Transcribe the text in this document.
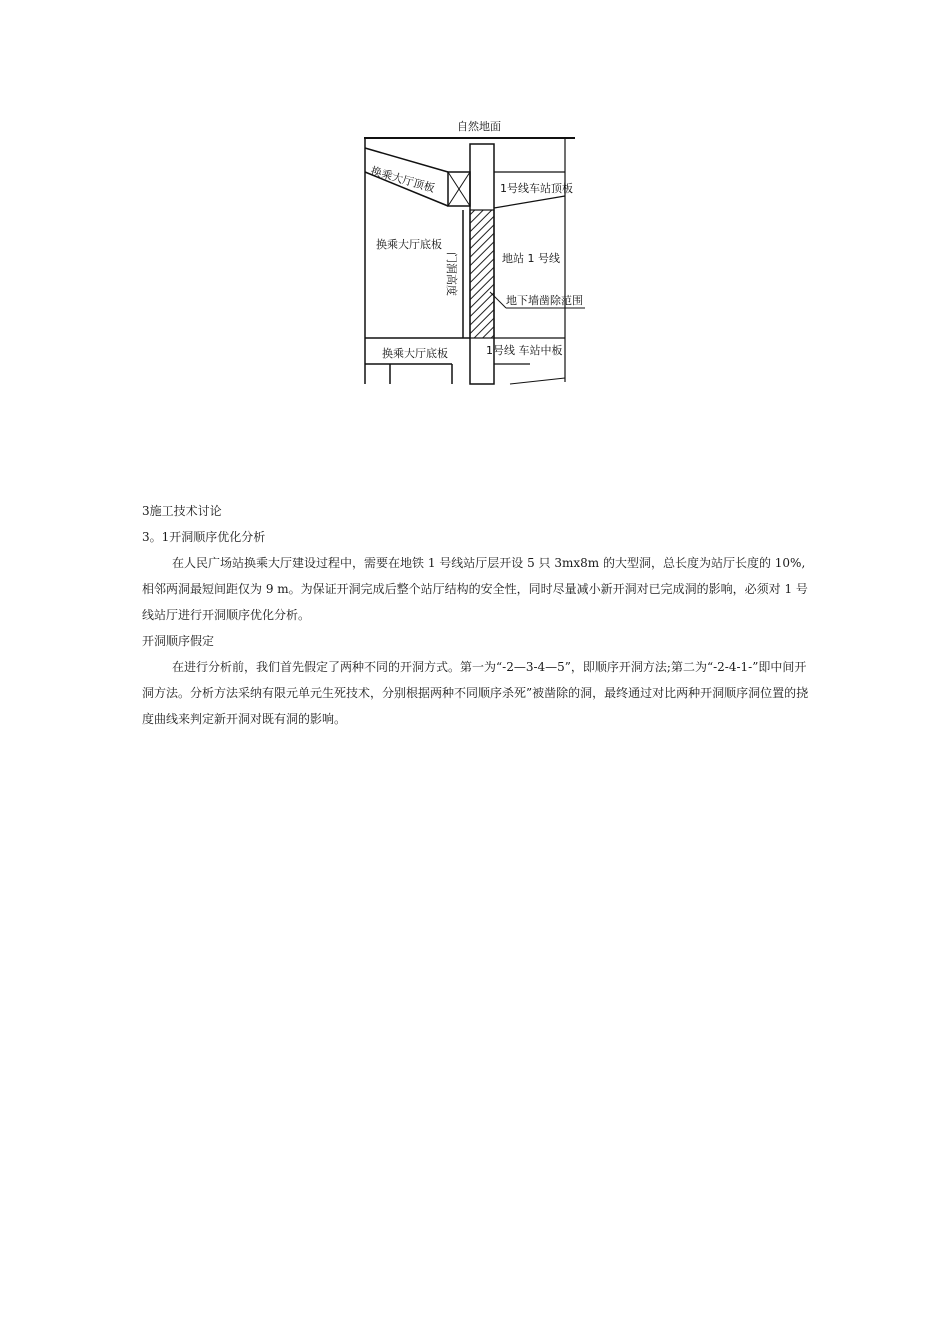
自然地面
换乘大厅顶板	1号线车站顶板
换乘大厅底板
地站 1 号线
门洞高度
地下墙凿除范围
换乘大厅底板	1号线 车站中板

3施工技术讨论

3。1开洞顺序优化分析

在人民广场站换乘大厅建设过程中，需要在地铁 1 号线站厅层开设 5 只 3mx8m 的大型洞，总长度为站厅长度的 10%,相邻两洞最短间距仅为 9 m。为保证开洞完成后整个站厅结构的安全性，同时尽量减小新开洞对已完成洞的影响，必须对 1 号线站厅进行开洞顺序优化分析。

开洞顺序假定

在进行分析前，我们首先假定了两种不同的开洞方式。第一为“-2—3-4—5”，即顺序开洞方法;第二为“-2-4-1-”即中间开洞方法。分析方法采纳有限元单元生死技术，分别根据两种不同顺序杀死”被凿除的洞，最终通过对比两种开洞顺序洞位置的挠度曲线来判定新开洞对既有洞的影响。
